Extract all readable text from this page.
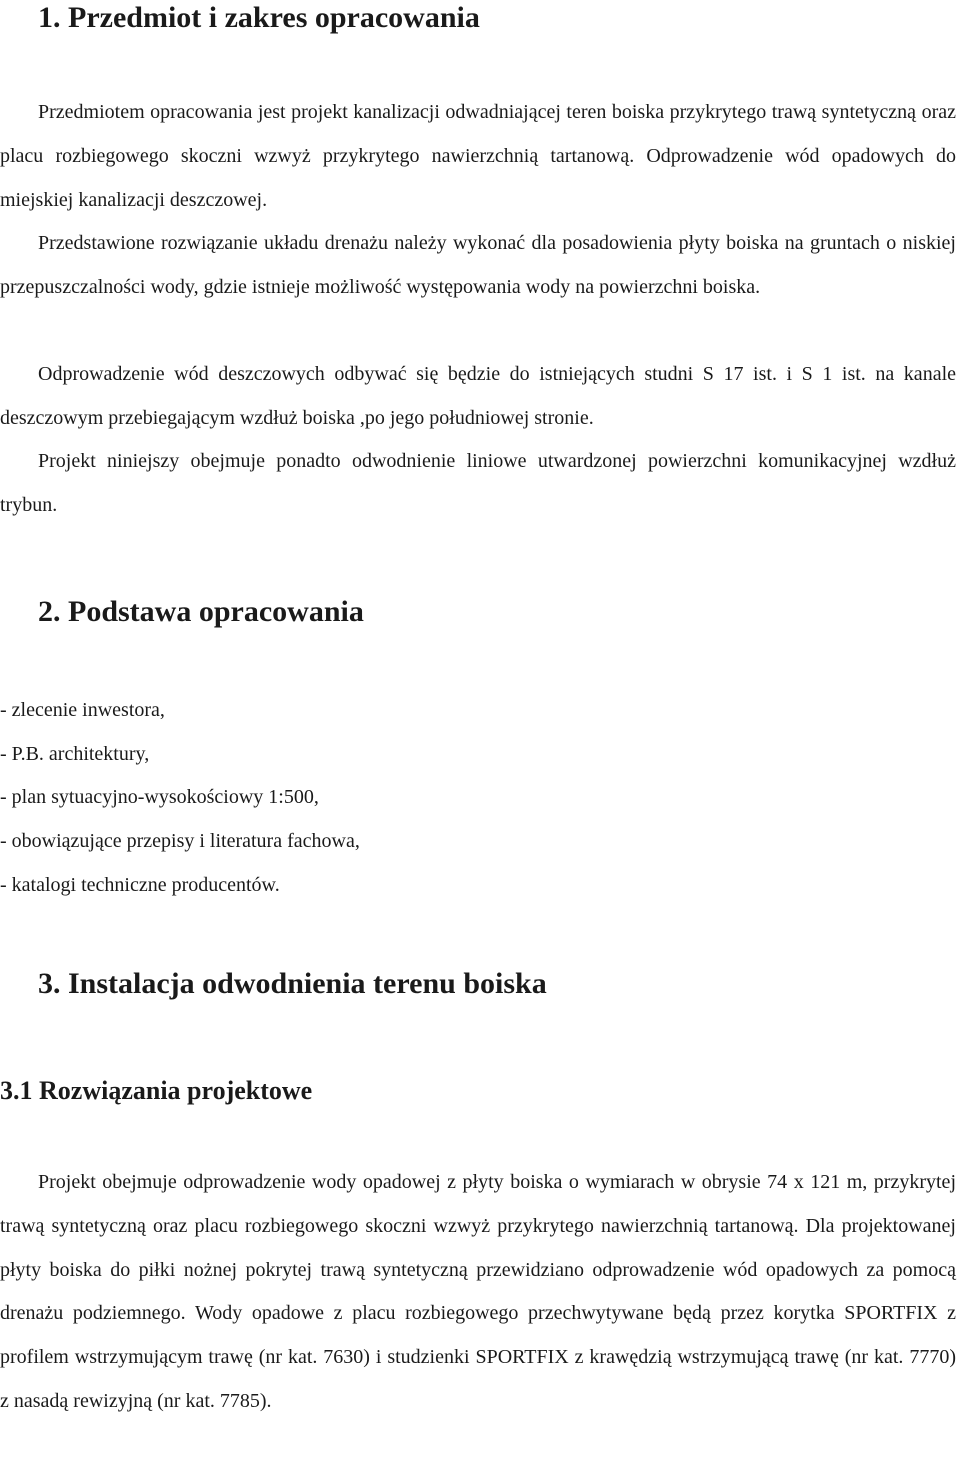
1. Przedmiot i zakres opracowania

Przedmiotem opracowania jest projekt kanalizacji odwadniającej teren boiska przykrytego trawą syntetyczną oraz placu rozbiegowego skoczni wzwyż przykrytego nawierzchnią tartanową. Odprowadzenie wód opadowych do miejskiej kanalizacji deszczowej.

Przedstawione rozwiązanie układu drenażu należy wykonać dla posadowienia płyty boiska na gruntach o niskiej przepuszczalności wody, gdzie istnieje możliwość występowania wody na powierzchni boiska.

Odprowadzenie wód deszczowych odbywać się będzie do istniejących studni S 17 ist. i S 1 ist. na kanale deszczowym przebiegającym wzdłuż boiska ,po jego południowej stronie.

Projekt niniejszy obejmuje ponadto odwodnienie liniowe utwardzonej powierzchni komunikacyjnej wzdłuż trybun.

2. Podstawa opracowania
- zlecenie inwestora,
- P.B. architektury,
- plan sytuacyjno-wysokościowy 1:500,
- obowiązujące przepisy i literatura fachowa,
- katalogi techniczne producentów.
3. Instalacja odwodnienia terenu boiska
3.1 Rozwiązania projektowe

Projekt obejmuje odprowadzenie wody opadowej z płyty boiska o wymiarach w obrysie 74 x 121 m, przykrytej trawą syntetyczną oraz placu rozbiegowego skoczni wzwyż przykrytego nawierzchnią tartanową. Dla projektowanej płyty boiska do piłki nożnej pokrytej trawą syntetyczną przewidziano odprowadzenie wód opadowych za pomocą drenażu podziemnego. Wody opadowe z placu rozbiegowego przechwytywane będą przez korytka SPORTFIX z profilem wstrzymującym trawę (nr kat. 7630) i studzienki SPORTFIX z krawędzią wstrzymującą trawę (nr kat. 7770) z nasadą rewizyjną (nr kat. 7785).
